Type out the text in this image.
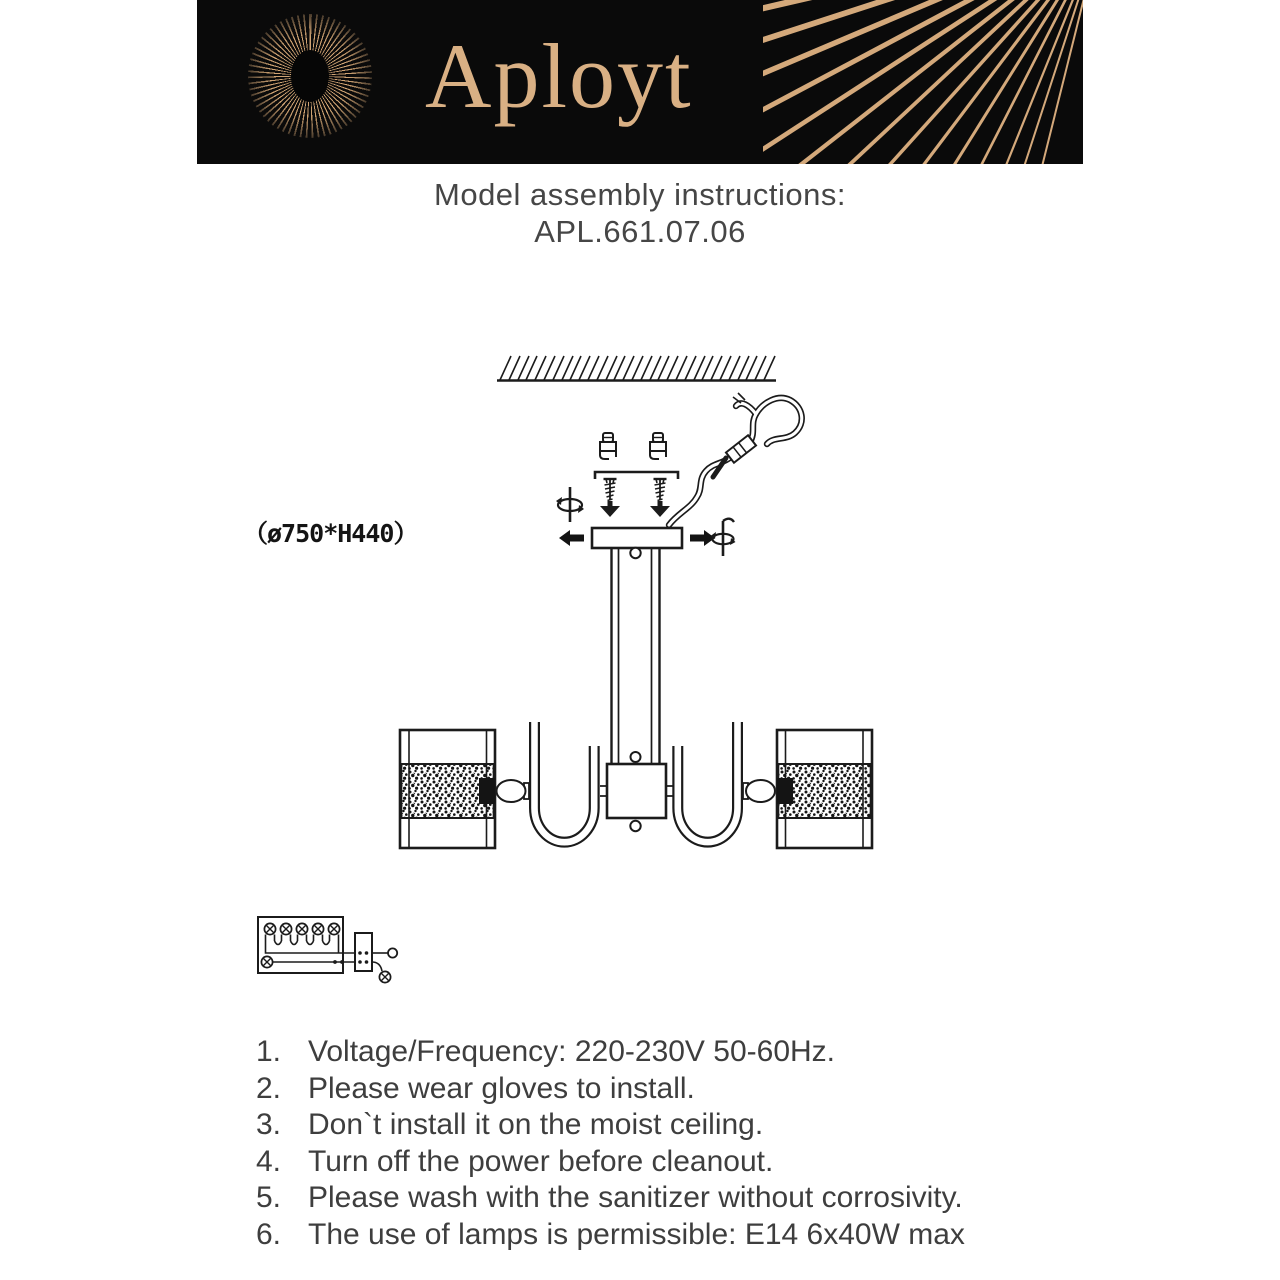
Aployt
Model assembly instructions:
APL.661.07.06
（ø750*H440）
1. Voltage/Frequency: 220-230V 50-60Hz.
2. Please wear gloves to install.
3. Don`t install it on the moist ceiling.
4. Turn off the power before cleanout.
5. Please wash with the sanitizer without corrosivity.
6. The use of lamps is permissible: E14 6x40W max
